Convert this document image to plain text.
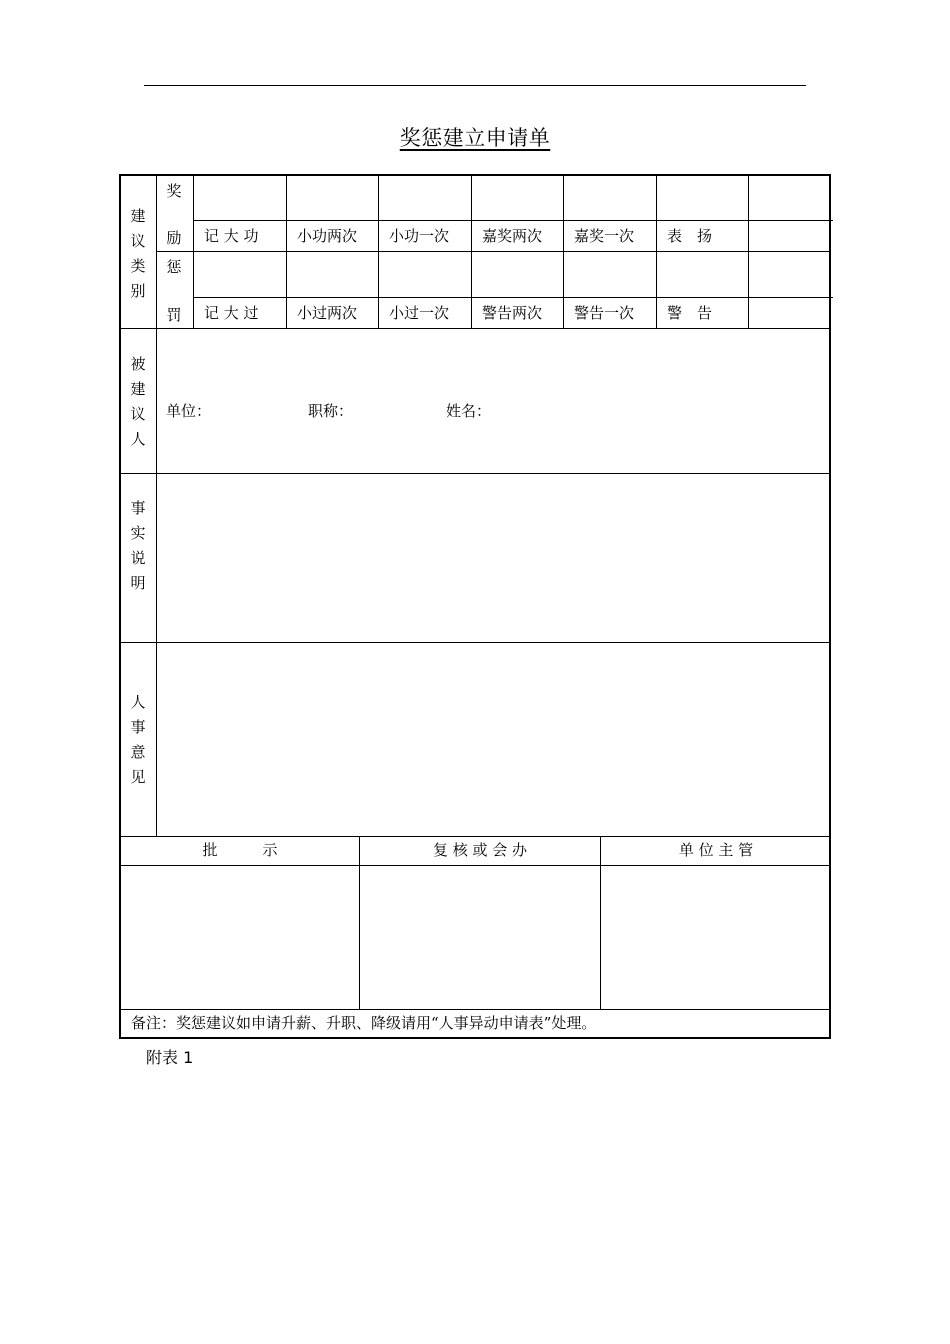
奖惩建立申请单
建议类别
奖
励
惩
罚
记 大 功	小功两次 小功一次 嘉奖两次 嘉奖一次 表　扬
记 大 过	小过两次 小过一次 警告两次 警告一次 警　告
被建议人
单位：	职称：	姓名：
事实说明
人事意见
批　　　示	复 核 或 会 办	单 位 主 管
备注：奖惩建议如申请升薪、升职、降级请用“人事异动申请表”处理。
附表 1
